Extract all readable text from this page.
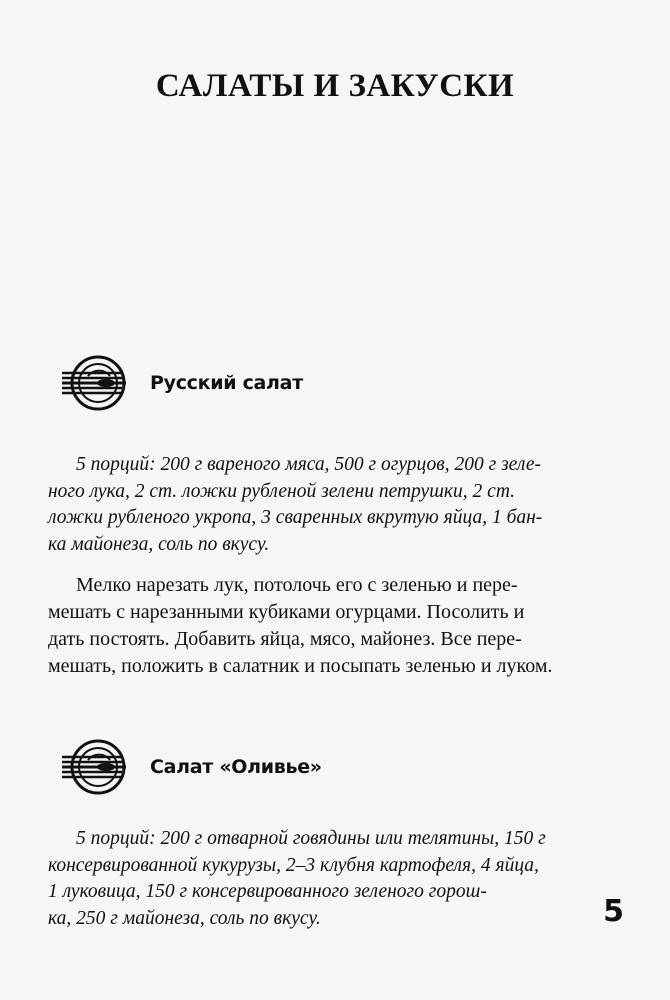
САЛАТЫ И ЗАКУСКИ
Русский салат
5 порций: 200 г вареного мяса, 500 г огурцов, 200 г зеле-
ного лука, 2 ст. ложки рубленой зелени петрушки, 2 ст.
ложки рубленого укропа, 3 сваренных вкрутую яйца, 1 бан-
ка майонеза, соль по вкусу.
Мелко нарезать лук, потолочь его с зеленью и пере-
мешать с нарезанными кубиками огурцами. Посолить и
дать постоять. Добавить яйца, мясо, майонез. Все пере-
мешать, положить в салатник и посыпать зеленью и луком.
Салат «Оливье»
5 порций: 200 г отварной говядины или телятины, 150 г
консервированной кукурузы, 2–3 клубня картофеля, 4 яйца,
1 луковица, 150 г консервированного зеленого горош-
ка, 250 г майонеза, соль по вкусу.	5
